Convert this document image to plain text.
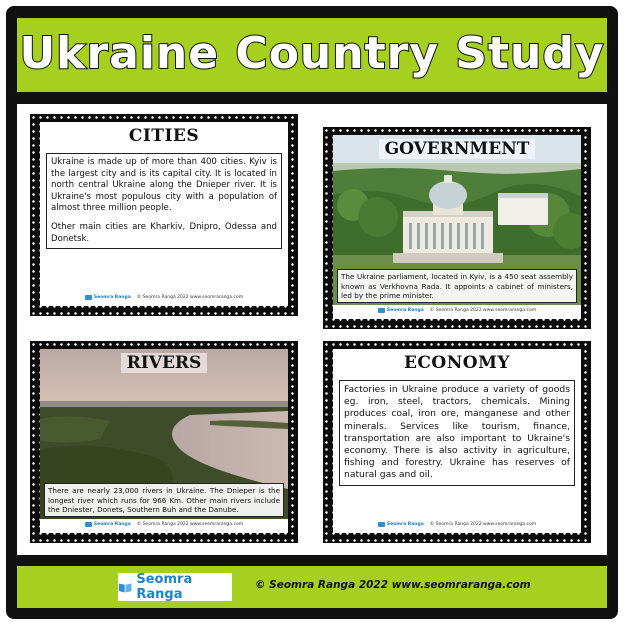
Ukraine Country Study
CITIES

Ukraine is made up of more than 400 cities. Kyiv is the largest city and is its capital city. It is located in north central Ukraine along the Dnieper river. It is Ukraine's most populous city with a population of almost three million people.

Other main cities are Kharkiv, Dnipro, Odessa and Donetsk.

Seomra Ranga © Seomra Ranga 2022 www.seomraranga.com
GOVERNMENT
The Ukraine parliament, located in Kyiv, is a 450 seat assembly known as Verkhovna Rada. It appoints a cabinet of ministers, led by the prime minister.
Seomra Ranga © Seomra Ranga 2022 www.seomraranga.com
RIVERS
There are nearly 23,000 rivers in Ukraine. The Dnieper is the longest river which runs for 966 Km. Other main rivers include the Dniester, Donets, Southern Buh and the Danube.
Seomra Ranga © Seomra Ranga 2022 www.seomraranga.com
ECONOMY

Factories in Ukraine produce a variety of goods eg. iron, steel, tractors, chemicals. Mining produces coal, iron ore, manganese and other minerals. Services like tourism, finance, transportation are also important to Ukraine's economy. There is also activity in agriculture, fishing and forestry. Ukraine has reserves of natural gas and oil.

Seomra Ranga © Seomra Ranga 2022 www.seomraranga.com
Seomra Ranga
© Seomra Ranga 2022 www.seomraranga.com
